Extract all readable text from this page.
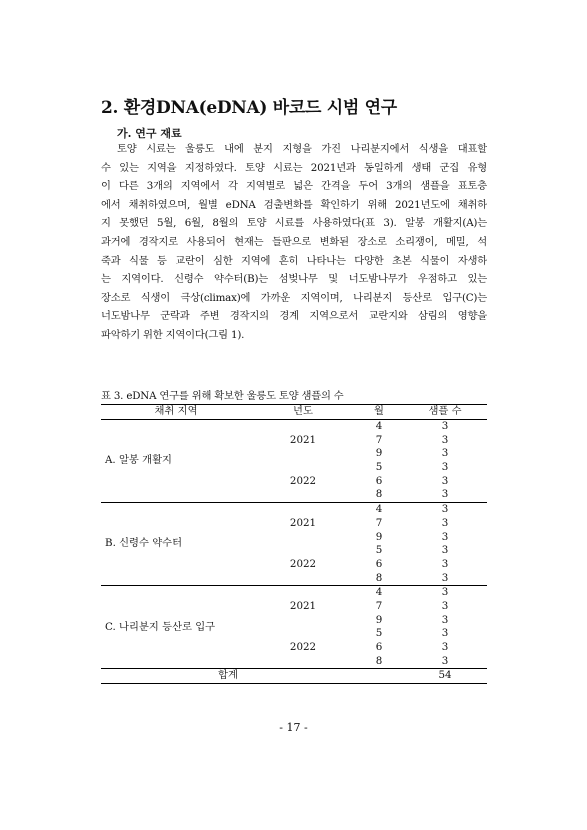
2. 환경DNA(eDNA) 바코드 시범 연구
가. 연구 재료
토양 시료는 울릉도 내에 분지 지형을 가진 나리분지에서 식생을 대표할
수 있는 지역을 지정하였다. 토양 시료는 2021년과 동일하게 생태 군집 유형
이 다른 3개의 지역에서 각 지역별로 넓은 간격을 두어 3개의 샘플을 표토층
에서 채취하였으며, 월별 eDNA 검출변화를 확인하기 위해 2021년도에 채취하
지 못했던 5월, 6월, 8월의 토양 시료를 사용하였다(표 3). 알봉 개활지(A)는
과거에 경작지로 사용되어 현재는 들판으로 변화된 장소로 소리쟁이, 메밀, 석
죽과 식물 등 교란이 심한 지역에 흔히 나타나는 다양한 초본 식물이 자생하
는 지역이다. 신령수 약수터(B)는 섬벚나무 및 너도밤나무가 우점하고 있는
장소로 식생이 극상(climax)에 가까운 지역이며, 나리분지 등산로 입구(C)는
너도밤나무 군락과 주변 경작지의 경계 지역으로서 교란지와 삼림의 영향을
파악하기 위한 지역이다(그림 1).
표 3. eDNA 연구를 위해 확보한 울릉도 토양 샘플의 수
채취 지역	년도	월	샘플 수
A. 알봉 개활지	2021	4	3
		7	3
		9	3
	2022	5	3
		6	3
		8	3
B. 신령수 약수터	2021	4	3
		7	3
		9	3
	2022	5	3
		6	3
		8	3
C. 나리분지 등산로 입구	2021	4	3
		7	3
		9	3
	2022	5	3
		6	3
		8	3
합계			54
- 17 -
